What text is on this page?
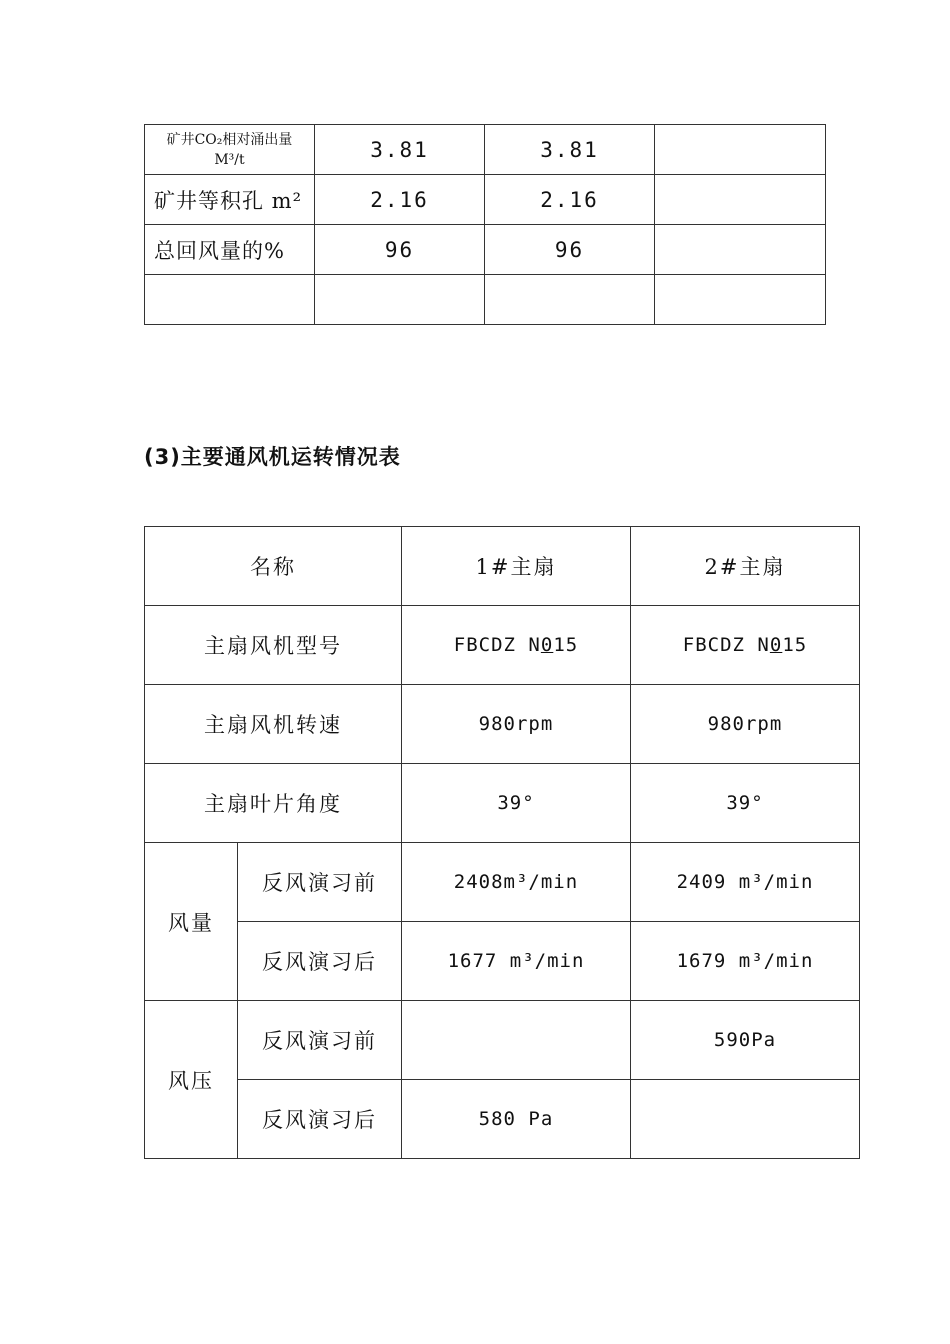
矿井CO₂相对涌出量
M³/t	3.81	3.81	
矿井等积孔 m²	2.16	2.16	
总回风量的%	96	96	

(3)主要通风机运转情况表
名称		1#主扇	2#主扇
主扇风机型号		FBCDZ N015	FBCDZ N015
主扇风机转速		980rpm	980rpm
主扇叶片角度		39°	39°
风量	反风演习前	2408m³/min	2409 m³/min
	反风演习后	1677 m³/min	1679 m³/min
风压	反风演习前		590Pa
	反风演习后	580 Pa	
